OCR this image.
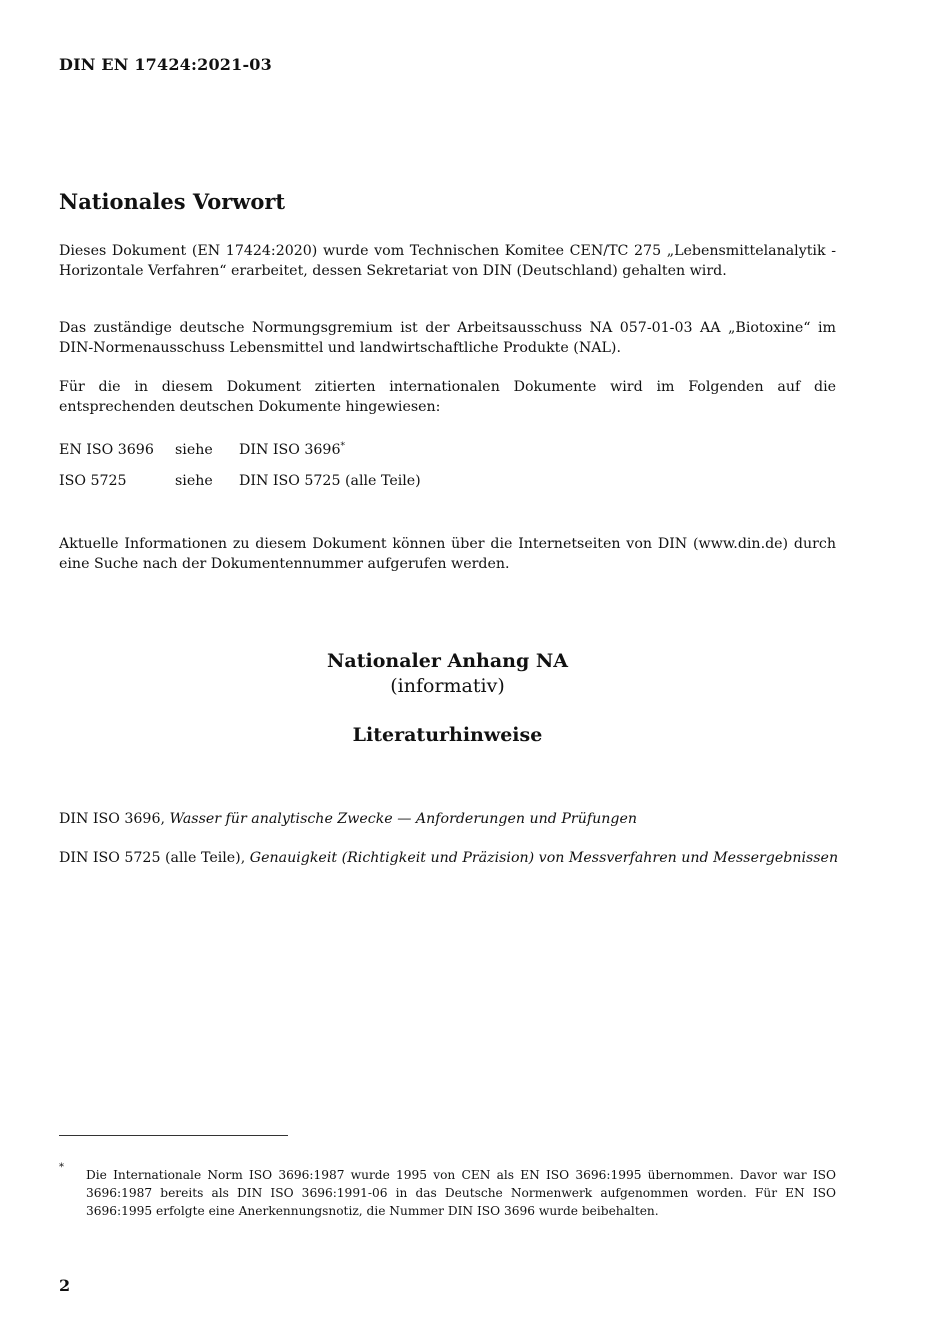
DIN EN 17424:2021-03
Nationales Vorwort
Dieses Dokument (EN 17424:2020) wurde vom Technischen Komitee CEN/TC 275 „Lebensmittelanalytik - Horizontale Verfahren“ erarbeitet, dessen Sekretariat von DIN (Deutschland) gehalten wird.
Das zuständige deutsche Normungsgremium ist der Arbeitsausschuss NA 057-01-03 AA „Biotoxine“ im DIN-Normenausschuss Lebensmittel und landwirtschaftliche Produkte (NAL).
Für die in diesem Dokument zitierten internationalen Dokumente wird im Folgenden auf die entsprechenden deutschen Dokumente hingewiesen:
EN ISO 3696 siehe DIN ISO 3696*
ISO 5725	siehe DIN ISO 5725 (alle Teile)
Aktuelle Informationen zu diesem Dokument können über die Internetseiten von DIN (www.din.de) durch eine Suche nach der Dokumentennummer aufgerufen werden.
Nationaler Anhang NA
(informativ)
Literaturhinweise
DIN ISO 3696, Wasser für analytische Zwecke — Anforderungen und Prüfungen
DIN ISO 5725 (alle Teile), Genauigkeit (Richtigkeit und Präzision) von Messverfahren und Messergebnissen
*
Die Internationale Norm ISO 3696:1987 wurde 1995 von CEN als EN ISO 3696:1995 übernommen. Davor war ISO 3696:1987 bereits als DIN ISO 3696:1991-06 in das Deutsche Normenwerk aufgenommen worden. Für EN ISO 3696:1995 erfolgte eine Anerkennungsnotiz, die Nummer DIN ISO 3696 wurde beibehalten.
2
